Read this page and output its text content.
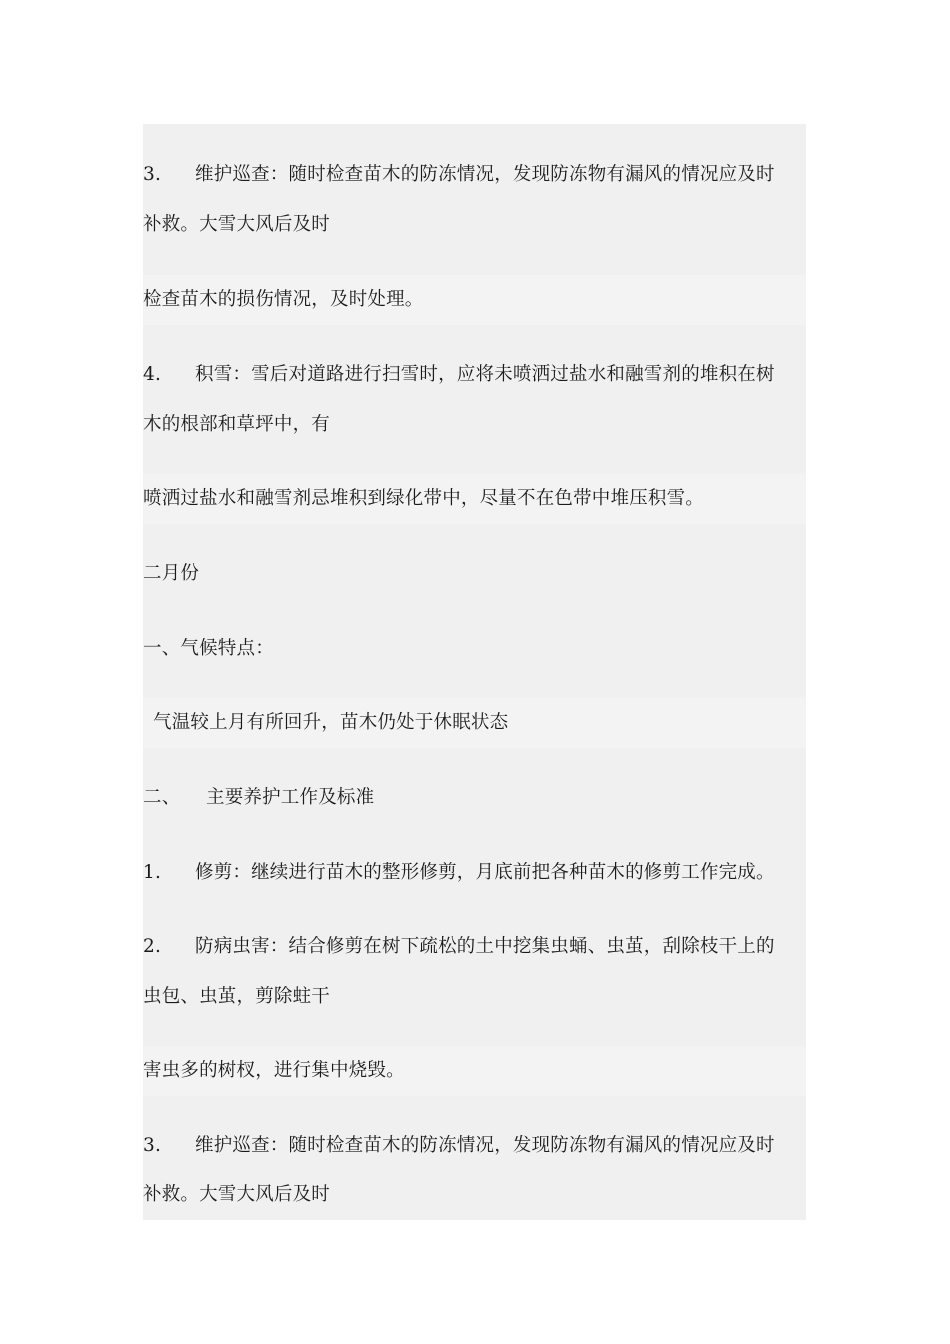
3. 维护巡查：随时检查苗木的防冻情况，发现防冻物有漏风的情况应及时
补救。大雪大风后及时
检查苗木的损伤情况，及时处理。
4. 积雪：雪后对道路进行扫雪时，应将未喷洒过盐水和融雪剂的堆积在树
木的根部和草坪中，有
喷洒过盐水和融雪剂忌堆积到绿化带中，尽量不在色带中堆压积雪。
二月份
一、气候特点：
气温较上月有所回升，苗木仍处于休眠状态
二、 主要养护工作及标准
1. 修剪：继续进行苗木的整形修剪，月底前把各种苗木的修剪工作完成。
2. 防病虫害：结合修剪在树下疏松的土中挖集虫蛹、虫茧，刮除枝干上的
虫包、虫茧，剪除蛀干
害虫多的树杈，进行集中烧毁。
3. 维护巡查：随时检查苗木的防冻情况，发现防冻物有漏风的情况应及时
补救。大雪大风后及时
